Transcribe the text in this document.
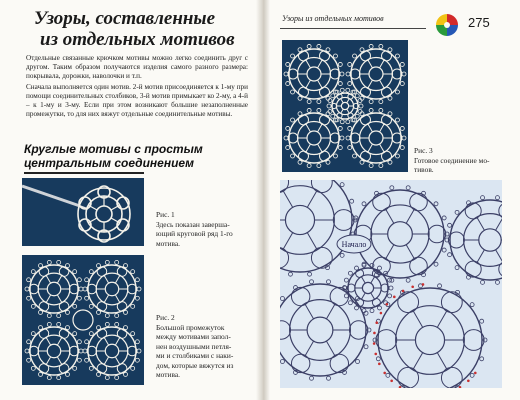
Узоры, составленные
из отдельных мотивов

Отдельные связанные крючком мотивы можно легко соединить друг с другом. Таким образом получаются изделия самого разного размера: покрывала, дорожки, наволочки и т.п.

Сначала выполняется один мотив. 2-й мотив присоединяется к 1-му при помощи соединительных столбиков, 3-й мотив примыкает ко 2-му, а 4-й – к 1-му и 3-му. Если при этом возникают большие незаполненные промежутки, то для них вяжут отдельные соединительные мотивы.

Круглые мотивы с простым
центральным соединением
Рис. 1
Здесь показан заверша-
ющий круговой ряд 1-го
мотива.
Рис. 2
Большой промежуток
между мотивами запол-
нен воздушными петля-
ми и столбиками с наки-
дом, которые вяжутся из
мотива.
Узоры из отдельных мотивов	275
Рис. 3
Готовое соединение мо-
тивов.
Начало
